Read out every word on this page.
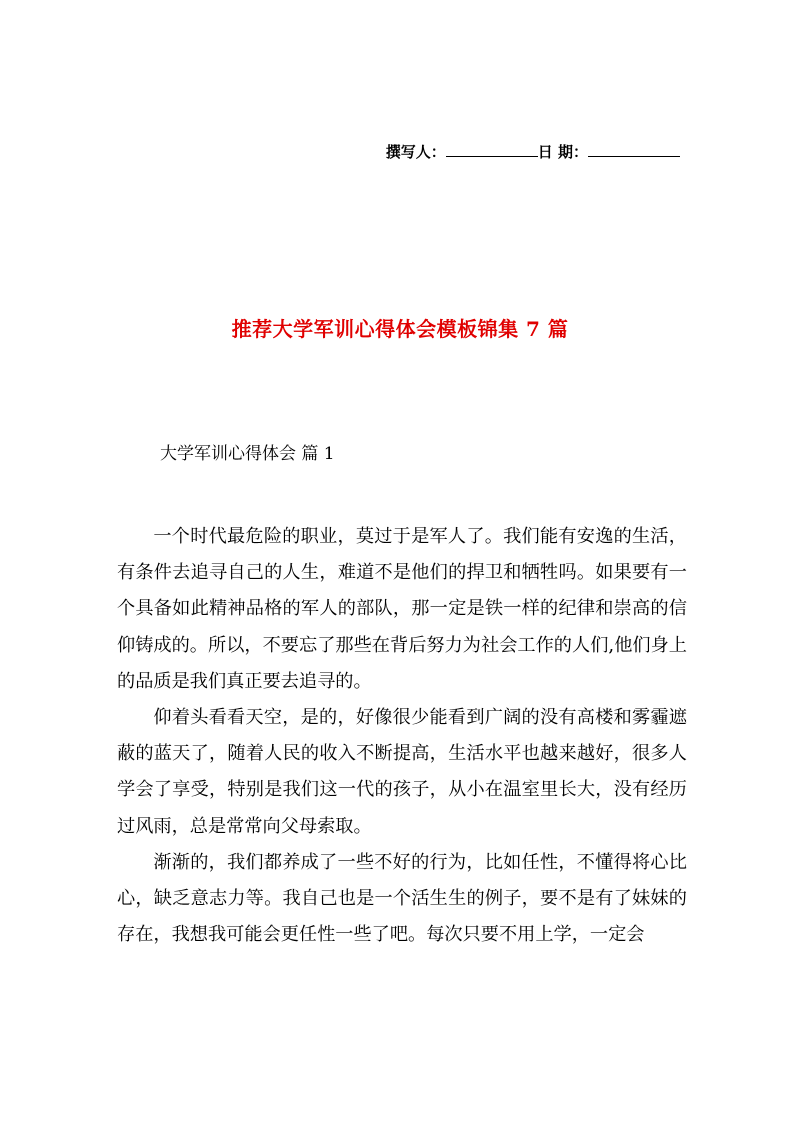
撰写人：	日 期：
推荐大学军训心得体会模板锦集 7 篇
大学军训心得体会 篇 1

一个时代最危险的职业，莫过于是军人了。我们能有安逸的生活，有条件去追寻自己的人生，难道不是他们的捍卫和牺牲吗。如果要有一个具备如此精神品格的军人的部队，那一定是铁一样的纪律和崇高的信仰铸成的。所以，不要忘了那些在背后努力为社会工作的人们,他们身上的品质是我们真正要去追寻的。

仰着头看看天空，是的，好像很少能看到广阔的没有高楼和雾霾遮蔽的蓝天了，随着人民的收入不断提高，生活水平也越来越好，很多人学会了享受，特别是我们这一代的孩子，从小在温室里长大，没有经历过风雨，总是常常向父母索取。

渐渐的，我们都养成了一些不好的行为，比如任性，不懂得将心比心，缺乏意志力等。我自己也是一个活生生的例子，要不是有了妹妹的存在，我想我可能会更任性一些了吧。每次只要不用上学，一定会
